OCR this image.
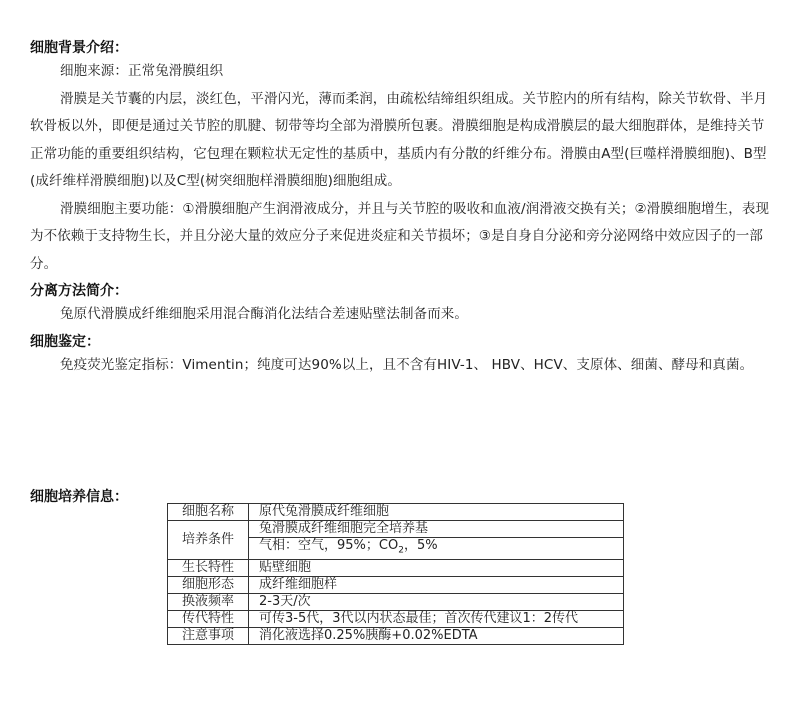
细胞背景介绍：

细胞来源：正常兔滑膜组织

滑膜是关节囊的内层，淡红色，平滑闪光，薄而柔润，由疏松结缔组织组成。关节腔内的所有结构，除关节软骨、半月软骨板以外，即便是通过关节腔的肌腱、韧带等均全部为滑膜所包裹。滑膜细胞是构成滑膜层的最大细胞群体，是维持关节正常功能的重要组织结构，它包理在颗粒状无定性的基质中，基质内有分散的纤维分布。滑膜由A型(巨噬样滑膜细胞)、B型(成纤维样滑膜细胞)以及C型(树突细胞样滑膜细胞)细胞组成。

滑膜细胞主要功能：①滑膜细胞产生润滑液成分，并且与关节腔的吸收和血液/润滑液交换有关；②滑膜细胞增生，表现为不依赖于支持物生长，并且分泌大量的效应分子来促进炎症和关节损坏；③是自身自分泌和旁分泌网络中效应因子的一部分。

分离方法简介：

兔原代滑膜成纤维细胞采用混合酶消化法结合差速贴壁法制备而来。

细胞鉴定：

免疫荧光鉴定指标：Vimentin；纯度可达90%以上，且不含有HIV-1、 HBV、HCV、支原体、细菌、酵母和真菌。

细胞培养信息：

细胞名称	原代兔滑膜成纤维细胞
培养条件	兔滑膜成纤维细胞完全培养基
	气相：空气，95%；$CO_2$，5%
生长特性	贴壁细胞
细胞形态	成纤维细胞样
换液频率	2-3天/次
传代特性	可传3-5代，3代以内状态最佳；首次传代建议1：2传代
注意事项	消化液选择0.25%胰酶+0.02%EDTA
